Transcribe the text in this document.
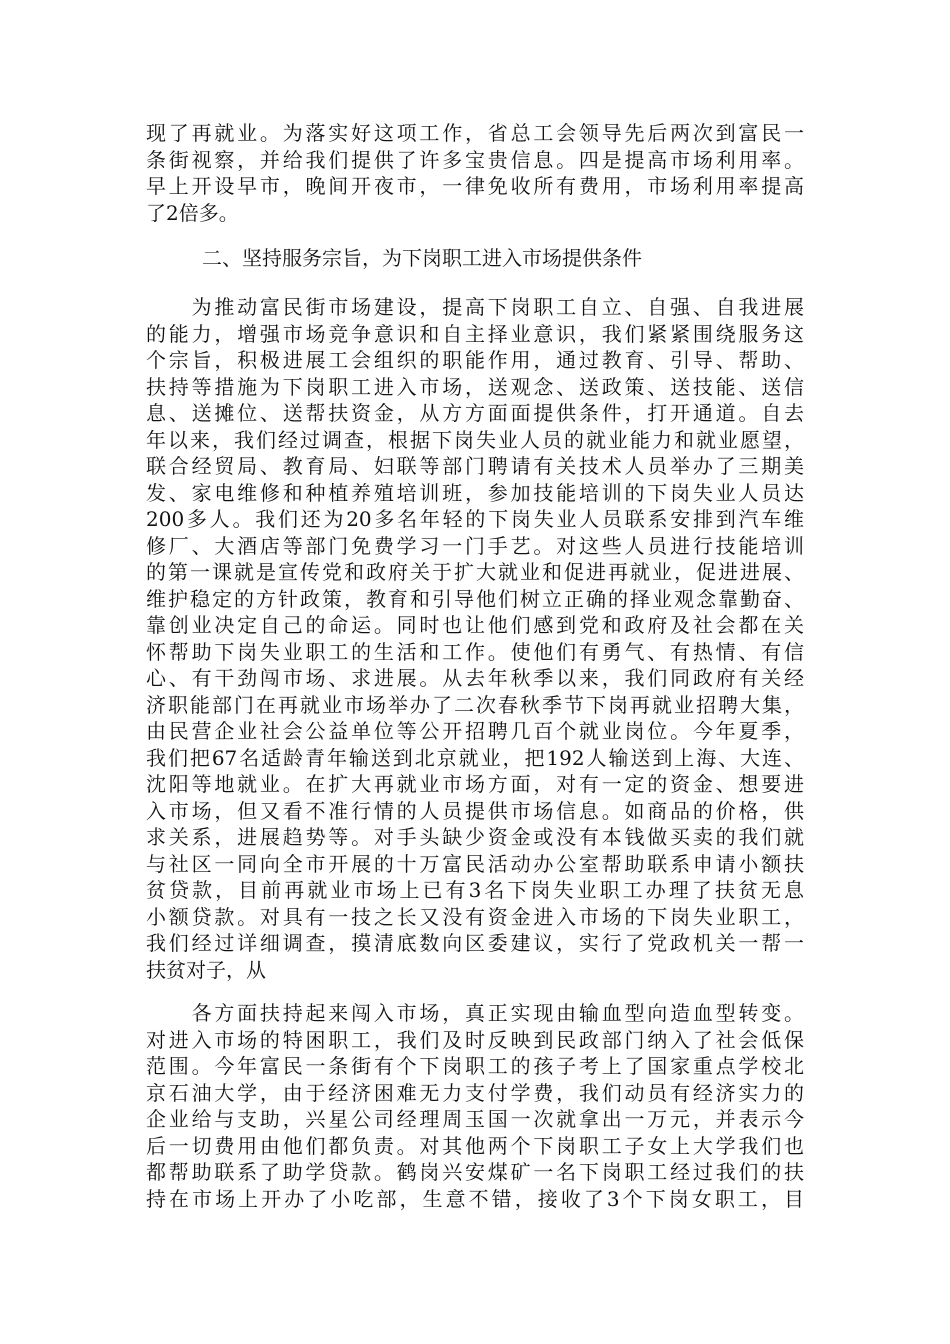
现了再就业。为落实好这项工作，省总工会领导先后两次到富民一
条街视察，并给我们提供了许多宝贵信息。四是提高市场利用率。
早上开设早市，晚间开夜市，一律免收所有费用，市场利用率提高
了2倍多。
二、坚持服务宗旨，为下岗职工进入市场提供条件
　　为推动富民街市场建设，提高下岗职工自立、自强、自我进展
的能力，增强市场竞争意识和自主择业意识，我们紧紧围绕服务这
个宗旨，积极进展工会组织的职能作用，通过教育、引导、帮助、
扶持等措施为下岗职工进入市场，送观念、送政策、送技能、送信
息、送摊位、送帮扶资金，从方方面面提供条件，打开通道。自去
年以来，我们经过调查，根据下岗失业人员的就业能力和就业愿望，
联合经贸局、教育局、妇联等部门聘请有关技术人员举办了三期美
发、家电维修和种植养殖培训班，参加技能培训的下岗失业人员达
200多人。我们还为20多名年轻的下岗失业人员联系安排到汽车维
修厂、大酒店等部门免费学习一门手艺。对这些人员进行技能培训
的第一课就是宣传党和政府关于扩大就业和促进再就业，促进进展、
维护稳定的方针政策，教育和引导他们树立正确的择业观念靠勤奋、
靠创业决定自己的命运。同时也让他们感到党和政府及社会都在关
怀帮助下岗失业职工的生活和工作。使他们有勇气、有热情、有信
心、有干劲闯市场、求进展。从去年秋季以来，我们同政府有关经
济职能部门在再就业市场举办了二次春秋季节下岗再就业招聘大集，
由民营企业社会公益单位等公开招聘几百个就业岗位。今年夏季，
我们把67名适龄青年输送到北京就业，把192人输送到上海、大连、
沈阳等地就业。在扩大再就业市场方面，对有一定的资金、想要进
入市场，但又看不准行情的人员提供市场信息。如商品的价格，供
求关系，进展趋势等。对手头缺少资金或没有本钱做买卖的我们就
与社区一同向全市开展的十万富民活动办公室帮助联系申请小额扶
贫贷款，目前再就业市场上已有3名下岗失业职工办理了扶贫无息
小额贷款。对具有一技之长又没有资金进入市场的下岗失业职工，
我们经过详细调查，摸清底数向区委建议，实行了党政机关一帮一
扶贫对子，从
　　各方面扶持起来闯入市场，真正实现由输血型向造血型转变。
对进入市场的特困职工，我们及时反映到民政部门纳入了社会低保
范围。今年富民一条街有个下岗职工的孩子考上了国家重点学校北
京石油大学，由于经济困难无力支付学费，我们动员有经济实力的
企业给与支助，兴星公司经理周玉国一次就拿出一万元，并表示今
后一切费用由他们都负责。对其他两个下岗职工子女上大学我们也
都帮助联系了助学贷款。鹤岗兴安煤矿一名下岗职工经过我们的扶
持在市场上开办了小吃部，生意不错，接收了3个下岗女职工，目
